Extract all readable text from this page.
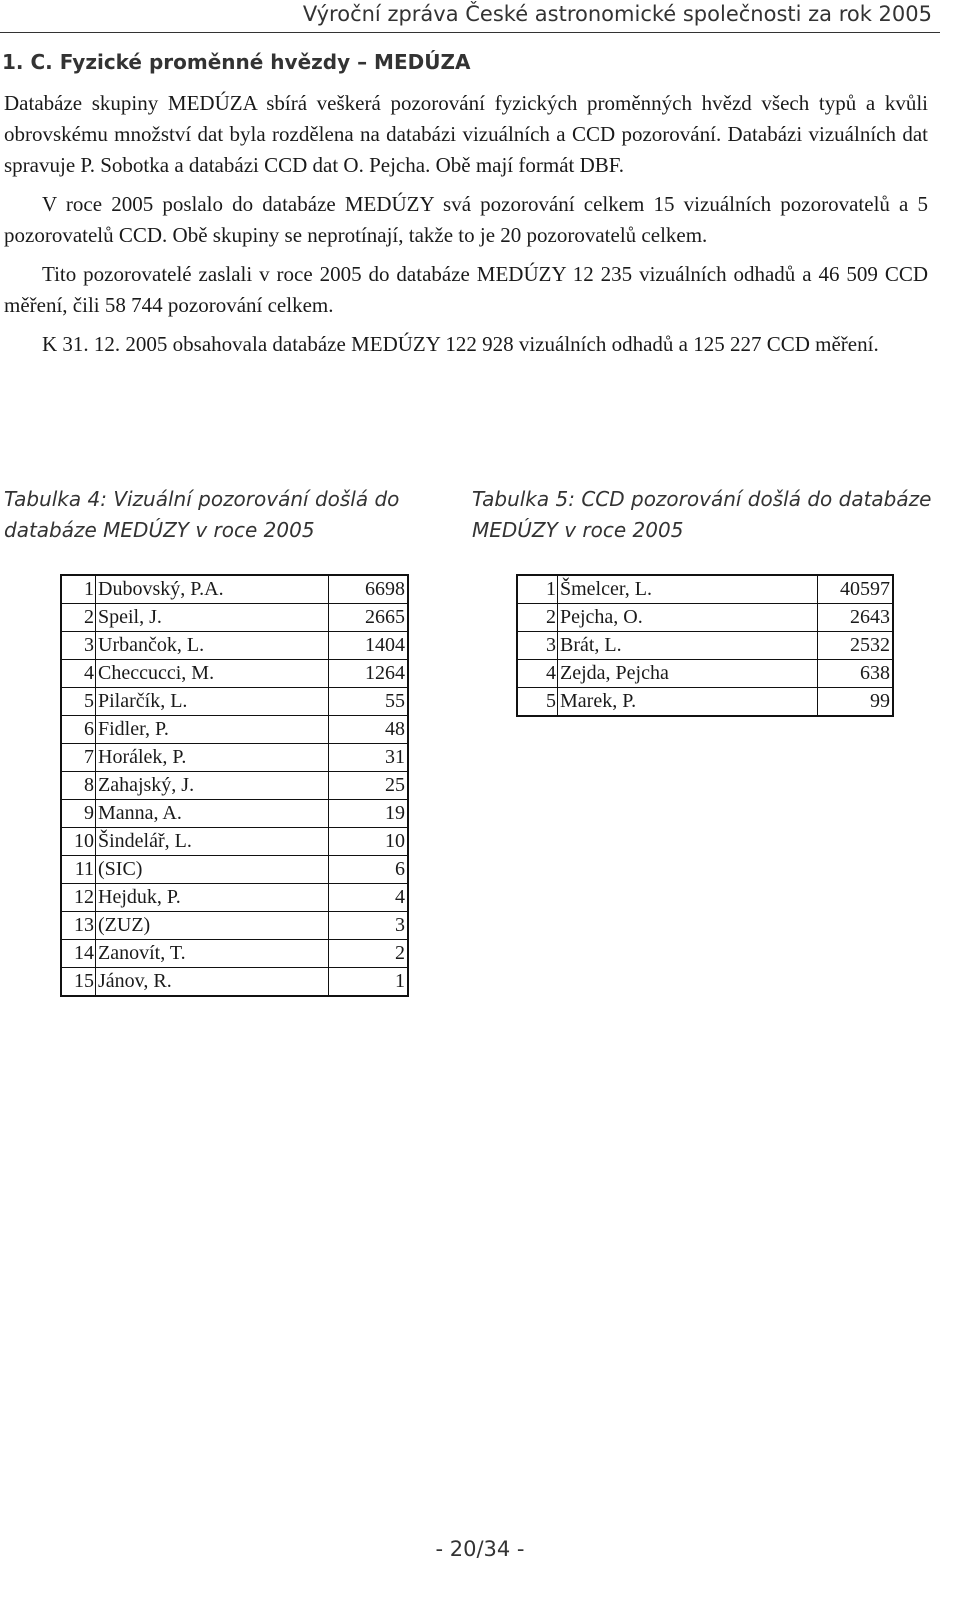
Výroční zpráva České astronomické společnosti za rok 2005
1. C. Fyzické proměnné hvězdy – MEDÚZA

Databáze skupiny MEDÚZA sbírá veškerá pozorování fyzických proměnných hvězd všech typů a kvůli obrovskému množství dat byla rozdělena na databázi vizuálních a CCD pozorování. Databázi vizuálních dat spravuje P. Sobotka a databázi CCD dat O. Pejcha. Obě mají formát DBF.

V roce 2005 poslalo do databáze MEDÚZY svá pozorování celkem 15 vizuálních pozorovatelů a 5 pozorovatelů CCD. Obě skupiny se neprotínají, takže to je 20 pozorovatelů celkem.

Tito pozorovatelé zaslali v roce 2005 do databáze MEDÚZY 12 235 vizuálních odhadů a 46 509 CCD měření, čili 58 744 pozorování celkem.

K 31. 12. 2005 obsahovala databáze MEDÚZY 122 928 vizuálních odhadů a 125 227 CCD měření.

Tabulka 4: Vizuální pozorování došlá do databáze MEDÚZY v roce 2005
Tabulka 5: CCD pozorování došlá do databáze MEDÚZY v roce 2005
1	Dubovský, P.A.	6698
2	Speil, J.	2665
3	Urbančok, L.	1404
4	Checcucci, M.	1264
5	Pilarčík, L.	55
6	Fidler, P.	48
7	Horálek, P.	31
8	Zahajský, J.	25
9	Manna, A.	19
10	Šindelář, L.	10
11	(SIC)	6
12	Hejduk, P.	4
13	(ZUZ)	3
14	Zanovít, T.	2
15	Jánov, R.	1
1	Šmelcer, L.	40597
2	Pejcha, O.	2643
3	Brát, L.	2532
4	Zejda, Pejcha	638
5	Marek, P.	99
- 20/34 -
